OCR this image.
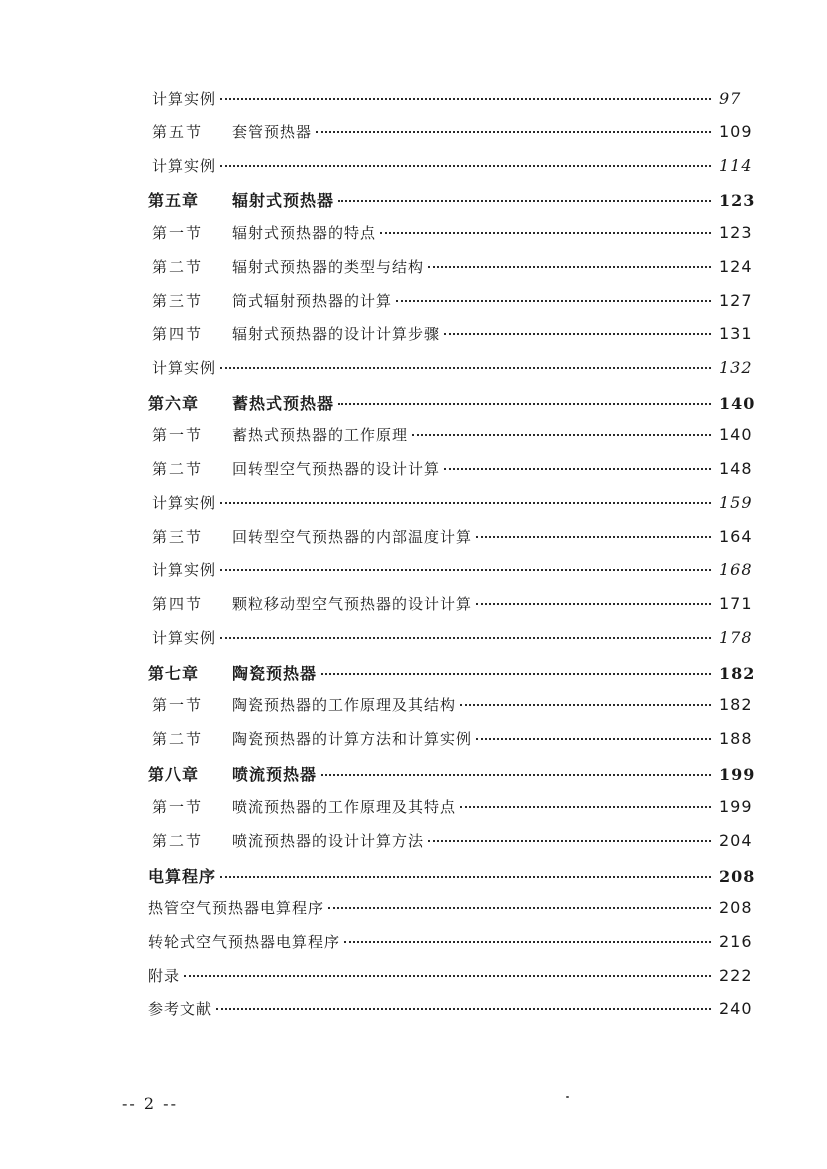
计算实例	97
第五节 套管预热器	109
计算实例	114
第五章 辐射式预热器	123
第一节 辐射式预热器的特点	123
第二节 辐射式预热器的类型与结构	124
第三节 筒式辐射预热器的计算	127
第四节 辐射式预热器的设计计算步骤	131
计算实例	132
第六章 蓄热式预热器	140
第一节 蓄热式预热器的工作原理	140
第二节 回转型空气预热器的设计计算	148
计算实例	159
第三节 回转型空气预热器的内部温度计算	164
计算实例	168
第四节 颗粒移动型空气预热器的设计计算	171
计算实例	178
第七章 陶瓷预热器	182
第一节 陶瓷预热器的工作原理及其结构	182
第二节 陶瓷预热器的计算方法和计算实例	188
第八章 喷流预热器	199
第一节 喷流预热器的工作原理及其特点	199
第二节 喷流预热器的设计计算方法	204
电算程序	208
热管空气预热器电算程序	208
转轮式空气预热器电算程序	216
附录	222
参考文献	240
-- 2 --
